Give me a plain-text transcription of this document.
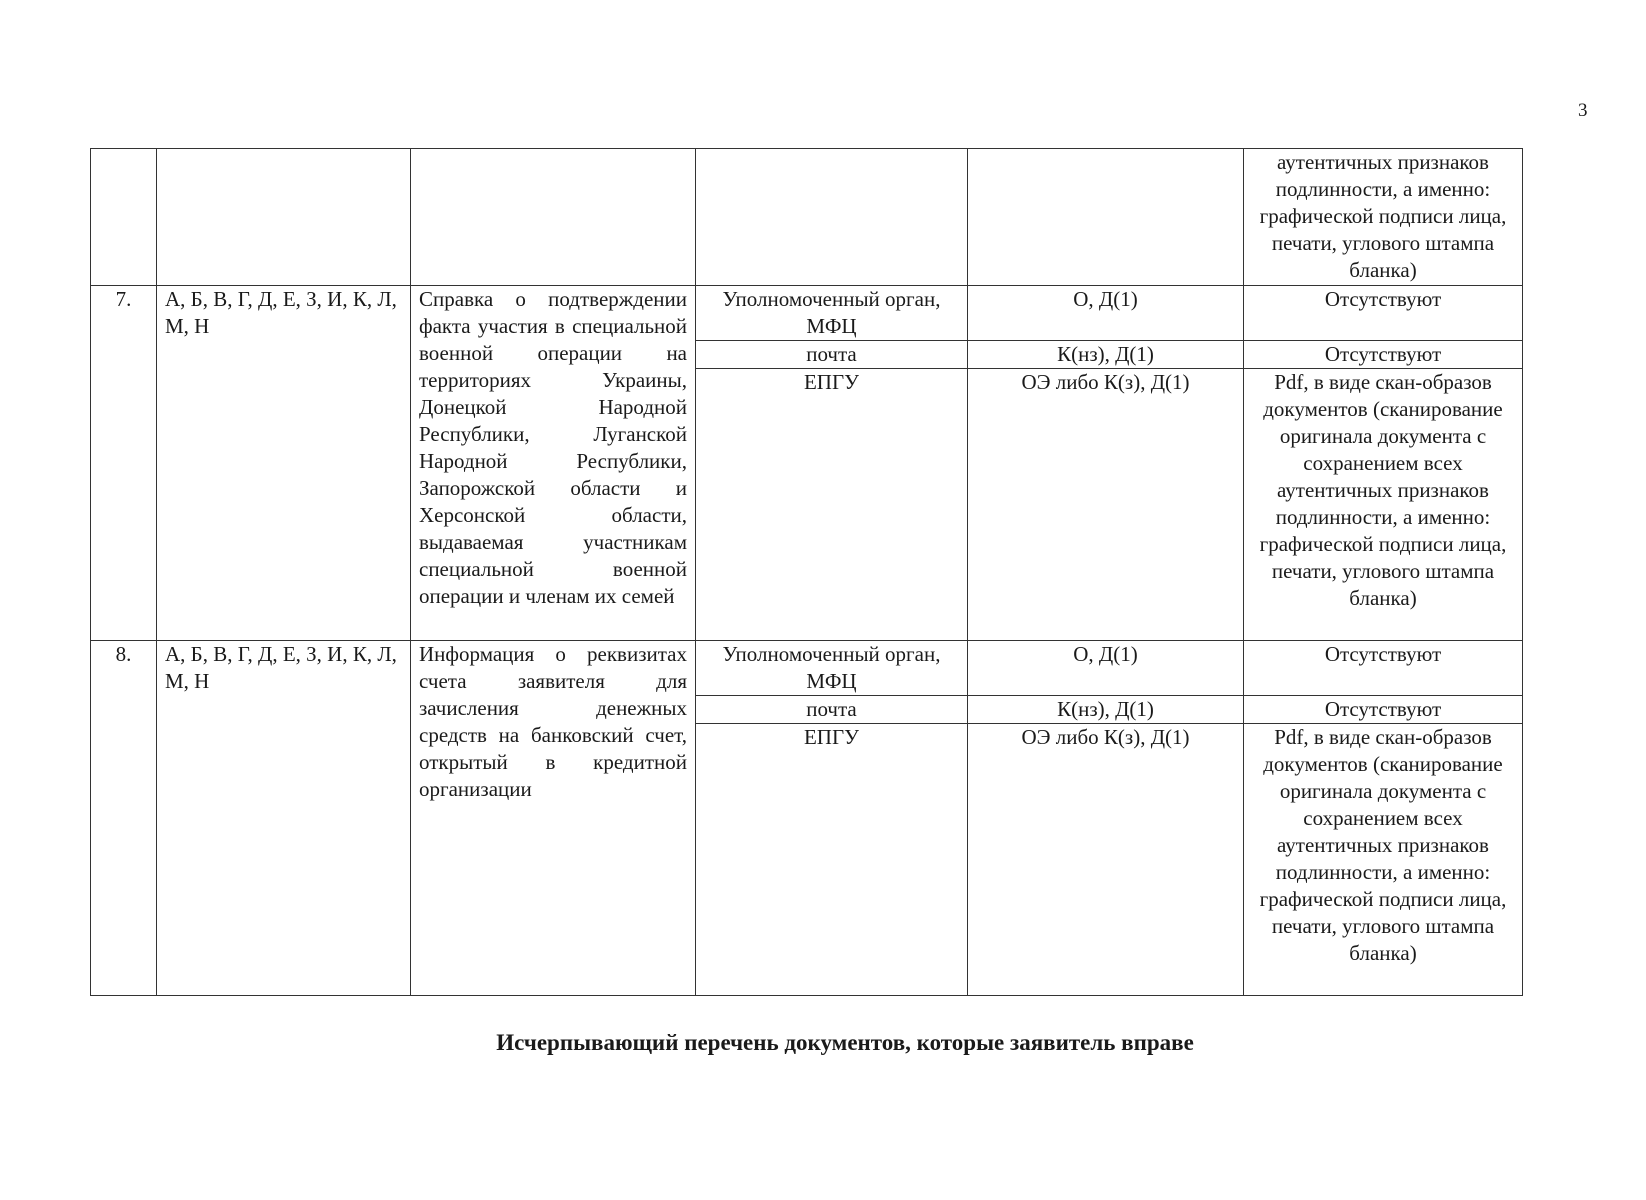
3
					аутентичных признаков подлинности, а именно: графической подписи лица, печати, углового штампа бланка)
7.	А, Б, В, Г, Д, Е, З, И, К, Л, М, Н	Справка о подтверждении факта участия в специальной военной операции на территориях Украины, Донецкой Народной Республики, Луганской Народной Республики, Запорожской области и Херсонской области, выдаваемая участникам специальной военной операции и членам их семей	Уполномоченный орган, МФЦ	О, Д(1)	Отсутствуют
			почта	К(нз), Д(1)	Отсутствуют
			ЕПГУ	ОЭ либо К(з), Д(1)	Pdf, в виде скан-образов документов (сканирование оригинала документа с сохранением всех аутентичных признаков подлинности, а именно: графической подписи лица, печати, углового штампа бланка)
8.	А, Б, В, Г, Д, Е, З, И, К, Л, М, Н	Информация о реквизитах счета заявителя для зачисления денежных средств на банковский счет, открытый в кредитной организации	Уполномоченный орган, МФЦ	О, Д(1)	Отсутствуют
			почта	К(нз), Д(1)	Отсутствуют
			ЕПГУ	ОЭ либо К(з), Д(1)	Pdf, в виде скан-образов документов (сканирование оригинала документа с сохранением всех аутентичных признаков подлинности, а именно: графической подписи лица, печати, углового штампа бланка)
Исчерпывающий перечень документов, которые заявитель вправе
